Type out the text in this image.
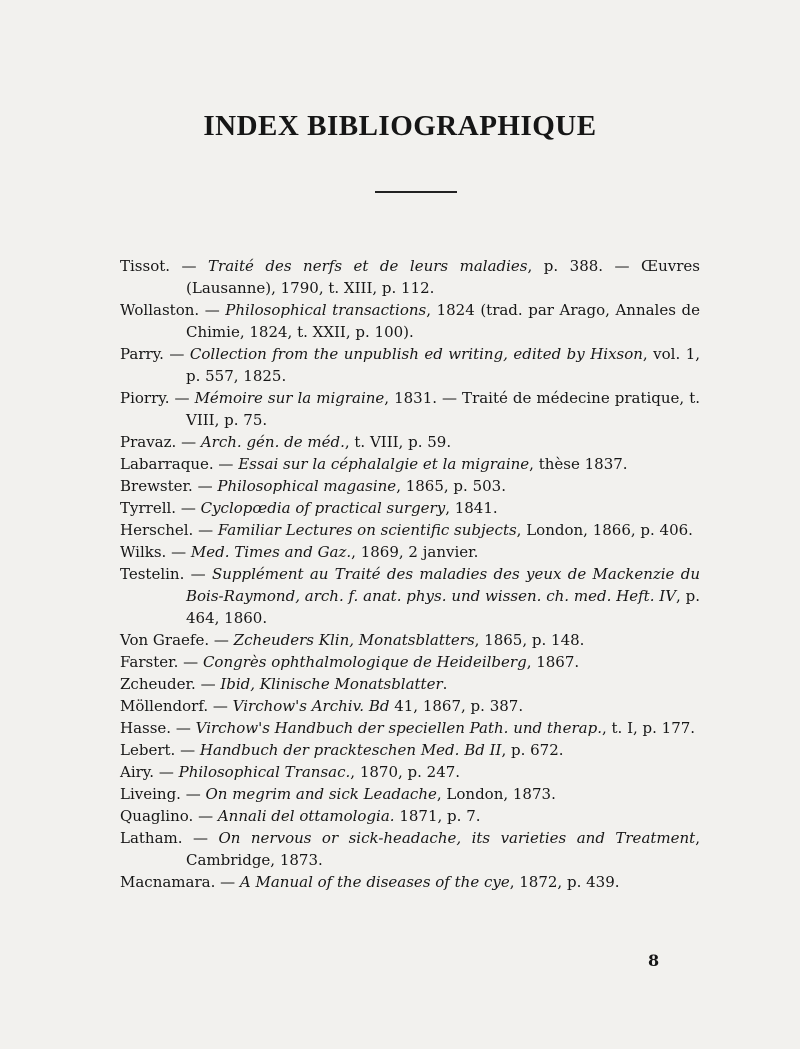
INDEX BIBLIOGRAPHIQUE

Tissot. — Traité des nerfs et de leurs maladies, p. 388. — Œuvres (Lausanne), 1790, t. XIII, p. 112.

Wollaston. — Philosophical transactions, 1824 (trad. par Arago, Annales de Chimie, 1824, t. XXII, p. 100).

Parry. — Collection from the unpublish ed writing, edited by Hixson, vol. 1, p. 557, 1825.

Piorry. — Mémoire sur la migraine, 1831. — Traité de médecine pratique, t. VIII, p. 75.

Pravaz. — Arch. gén. de méd., t. VIII, p. 59.

Labarraque. — Essai sur la céphalalgie et la migraine, thèse 1837.

Brewster. — Philosophical magasine, 1865, p. 503.

Tyrrell. — Cyclopœdia of practical surgery, 1841.

Herschel. — Familiar Lectures on scientific subjects, London, 1866, p. 406.

Wilks. — Med. Times and Gaz., 1869, 2 janvier.

Testelin. — Supplément au Traité des maladies des yeux de Mackenzie du Bois-Raymond, arch. f. anat. phys. und wissen. ch. med. Heft. IV, p. 464, 1860.

Von Graefe. — Zcheuders Klin, Monatsblatters, 1865, p. 148.

Farster. — Congrès ophthalmologique de Heideilberg, 1867.

Zcheuder. — Ibid, Klinische Monatsblatter.

Möllendorf. — Virchow's Archiv. Bd 41, 1867, p. 387.

Hasse. — Virchow's Handbuch der speciellen Path. und therap., t. I, p. 177.

Lebert. — Handbuch der prackteschen Med. Bd II, p. 672.

Airy. — Philosophical Transac., 1870, p. 247.

Liveing. — On megrim and sick Leadache, London, 1873.

Quaglino. — Annali del ottamologia. 1871, p. 7.

Latham. — On nervous or sick-headache, its varieties and Treatment, Cambridge, 1873.

Macnamara. — A Manual of the diseases of the cye, 1872, p. 439.

8
